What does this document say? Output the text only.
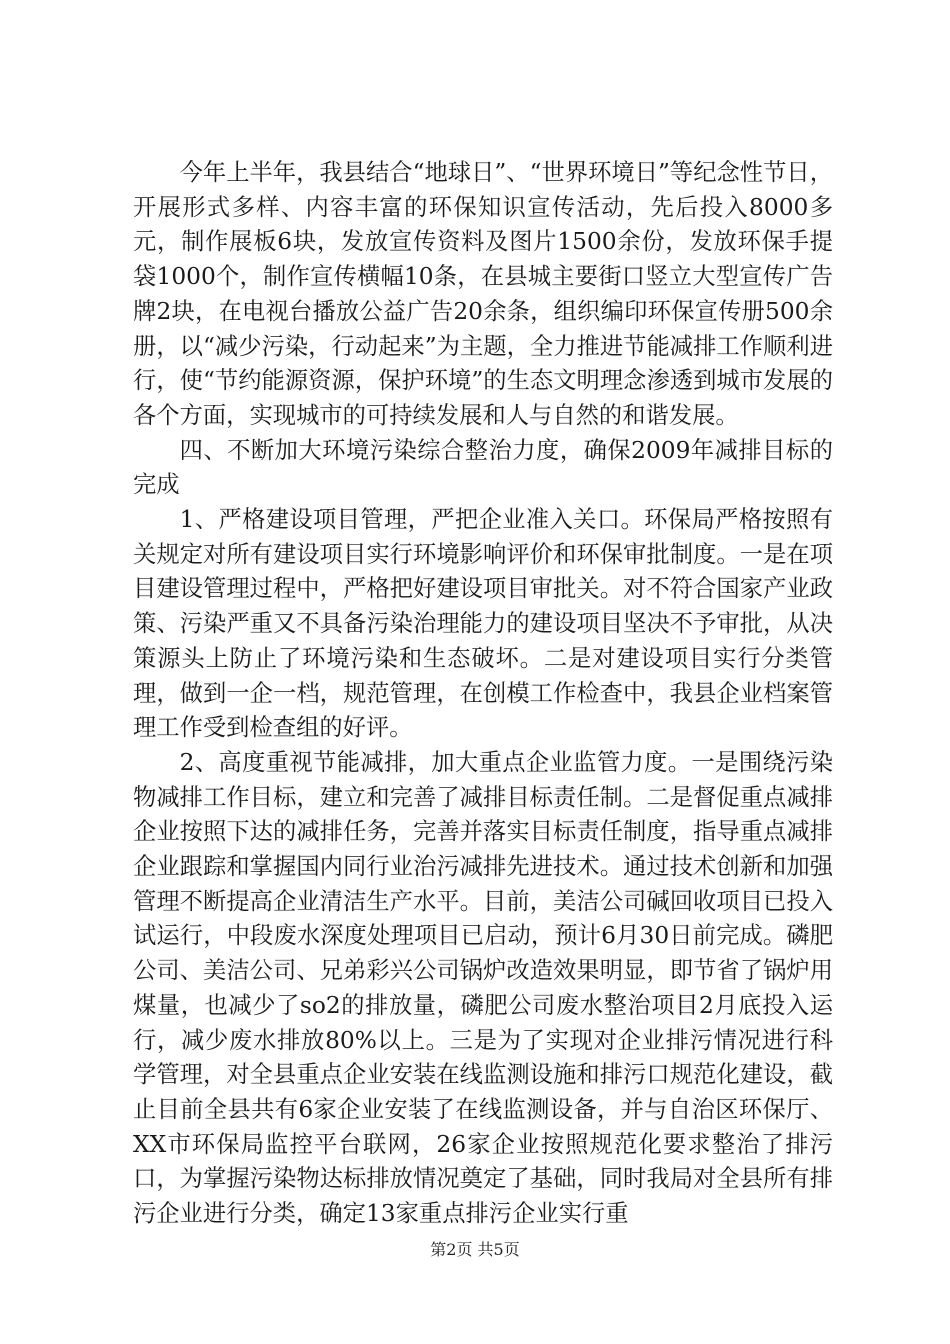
今年上半年，我县结合“地球日”、“世界环境日”等纪念性节日，开展形式多样、内容丰富的环保知识宣传活动，先后投入8000多元，制作展板6块，发放宣传资料及图片1500余份，发放环保手提袋1000个，制作宣传横幅10条，在县城主要街口竖立大型宣传广告牌2块，在电视台播放公益广告20余条，组织编印环保宣传册500余册，以“减少污染，行动起来”为主题，全力推进节能减排工作顺利进行，使“节约能源资源，保护环境”的生态文明理念渗透到城市发展的各个方面，实现城市的可持续发展和人与自然的和谐发展。

四、不断加大环境污染综合整治力度，确保2009年减排目标的完成

1、严格建设项目管理，严把企业准入关口。环保局严格按照有关规定对所有建设项目实行环境影响评价和环保审批制度。一是在项目建设管理过程中，严格把好建设项目审批关。对不符合国家产业政策、污染严重又不具备污染治理能力的建设项目坚决不予审批，从决策源头上防止了环境污染和生态破坏。二是对建设项目实行分类管理，做到一企一档，规范管理，在创模工作检查中，我县企业档案管理工作受到检查组的好评。

2、高度重视节能减排，加大重点企业监管力度。一是围绕污染物减排工作目标，建立和完善了减排目标责任制。二是督促重点减排企业按照下达的减排任务，完善并落实目标责任制度，指导重点减排企业跟踪和掌握国内同行业治污减排先进技术。通过技术创新和加强管理不断提高企业清洁生产水平。目前，美洁公司碱回收项目已投入试运行，中段废水深度处理项目已启动，预计6月30日前完成。磷肥公司、美洁公司、兄弟彩兴公司锅炉改造效果明显，即节省了锅炉用煤量，也减少了so2的排放量，磷肥公司废水整治项目2月底投入运行，减少废水排放80%以上。三是为了实现对企业排污情况进行科学管理，对全县重点企业安装在线监测设施和排污口规范化建设，截止目前全县共有6家企业安装了在线监测设备，并与自治区环保厅、XX市环保局监控平台联网，26家企业按照规范化要求整治了排污口，为掌握污染物达标排放情况奠定了基础，同时我局对全县所有排污企业进行分类，确定13家重点排污企业实行重

第2页 共5页
